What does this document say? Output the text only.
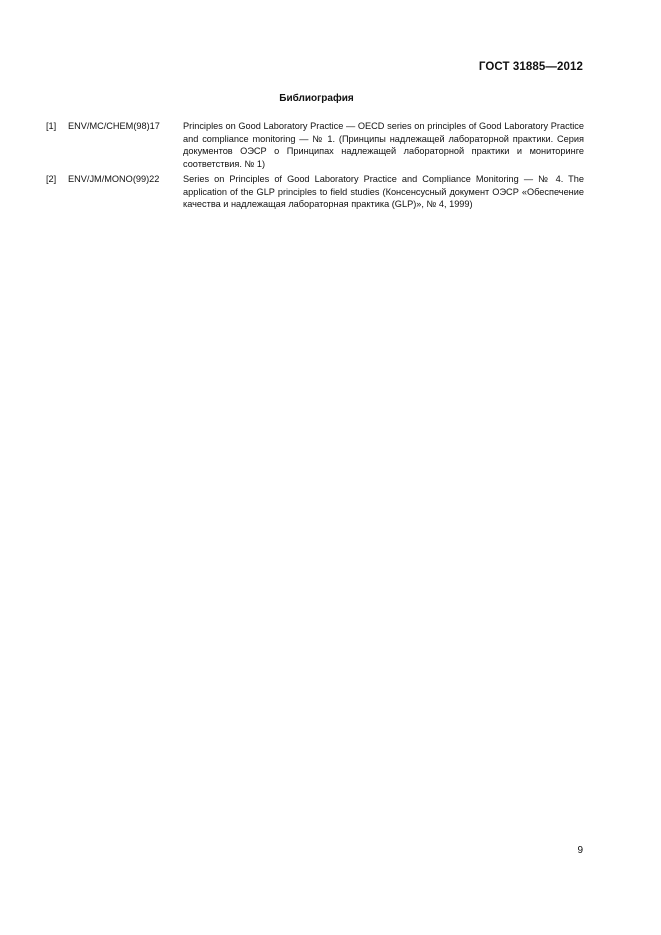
ГОСТ 31885—2012
Библиография
[1]	ENV/MC/CHEM(98)17	Principles on Good Laboratory Practice — OECD series on principles of Good Laboratory Practice and compliance monitoring — № 1. (Принципы надлежащей лабораторной практики. Серия документов ОЭСР о Принципах надлежащей лабораторной практики и мониторинге соответствия. № 1)
[2]	ENV/JM/MONO(99)22	Series on Principles of Good Laboratory Practice and Compliance Monitoring — № 4. The application of the GLP principles to field studies (Консенсусный документ ОЭСР «Обеспечение качества и надлежащая лабораторная практика (GLP)», № 4, 1999)
9
